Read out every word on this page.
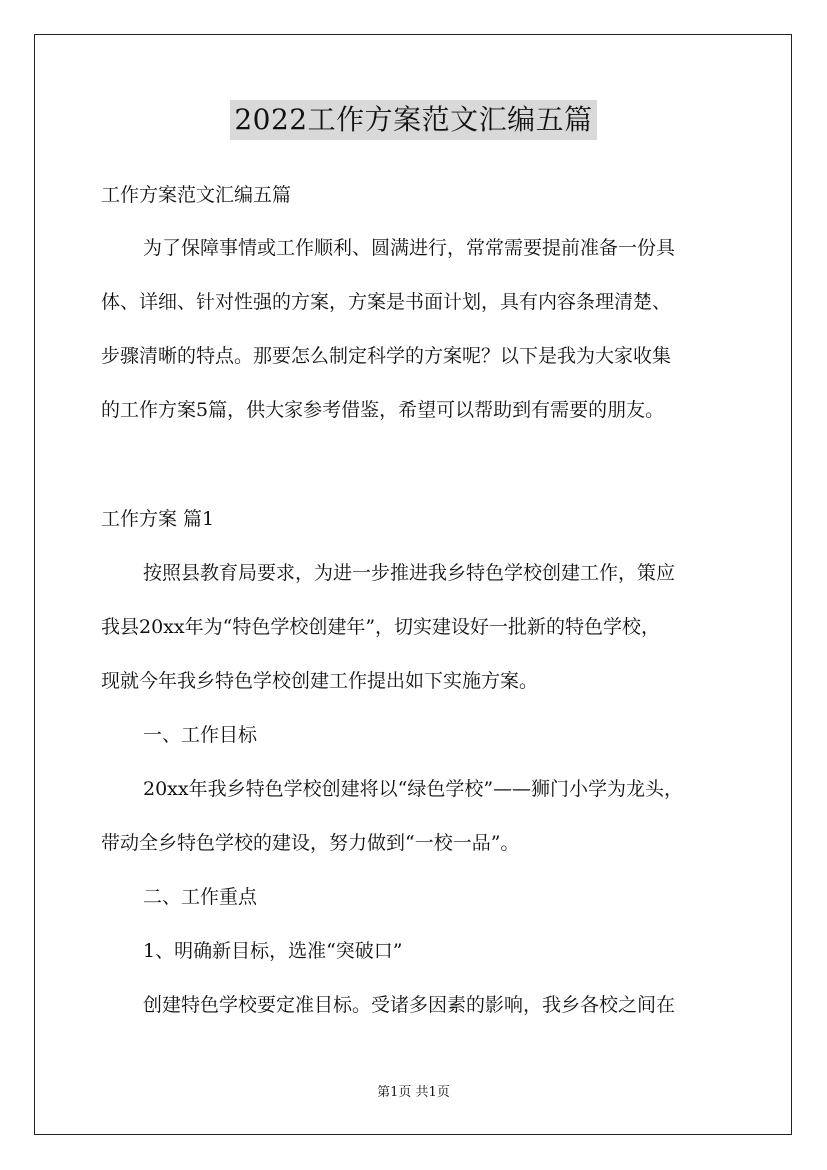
2022工作方案范文汇编五篇
工作方案范文汇编五篇
为了保障事情或工作顺利、圆满进行，常常需要提前准备一份具
体、详细、针对性强的方案，方案是书面计划，具有内容条理清楚、
步骤清晰的特点。那要怎么制定科学的方案呢？以下是我为大家收集
的工作方案5篇，供大家参考借鉴，希望可以帮助到有需要的朋友。
工作方案 篇1
按照县教育局要求，为进一步推进我乡特色学校创建工作，策应
我县20xx年为“特色学校创建年”，切实建设好一批新的特色学校，
现就今年我乡特色学校创建工作提出如下实施方案。
一、工作目标
20xx年我乡特色学校创建将以“绿色学校”——狮门小学为龙头，
带动全乡特色学校的建设，努力做到“一校一品”。
二、工作重点
1、明确新目标，选准“突破口”
创建特色学校要定准目标。受诸多因素的影响，我乡各校之间在
第1页 共1页
